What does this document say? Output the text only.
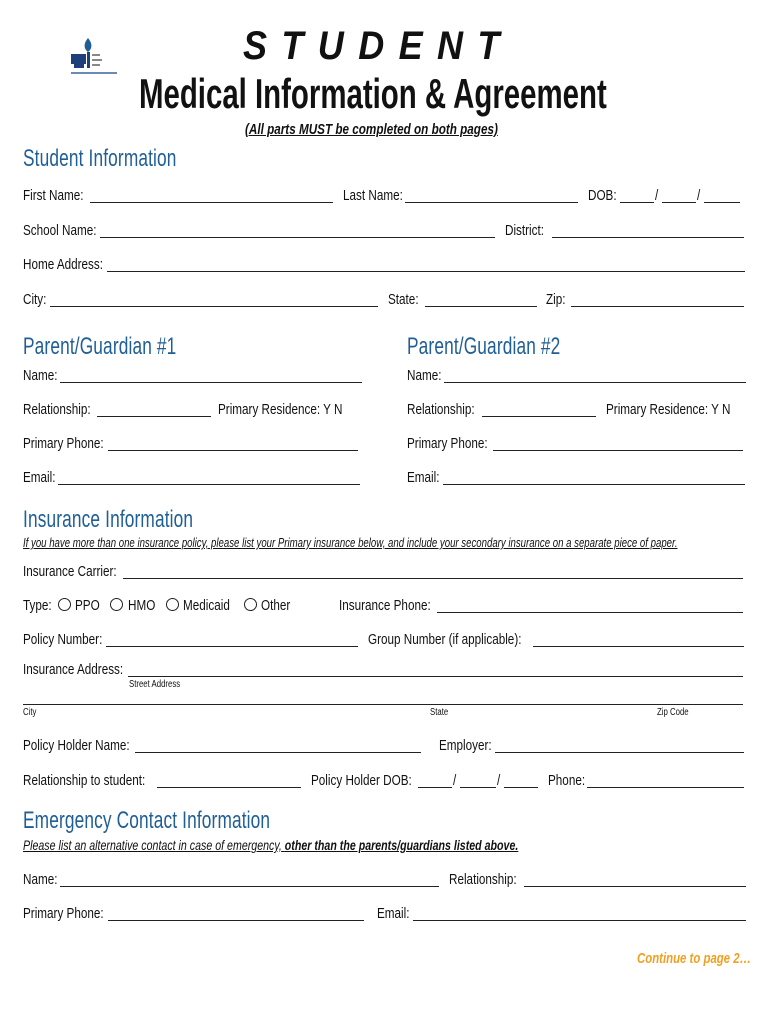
STUDENT
Medical Information & Agreement
(All parts MUST be completed on both pages)
Student Information
First Name:	Last Name:	DOB:	/	/
School Name:	District:
Home Address:
City:	State:	Zip:
Parent/Guardian #1
Name:
Relationship:	Primary Residence: Y N
Primary Phone:
Email:
Parent/Guardian #2
Name:
Relationship:	Primary Residence: Y N
Primary Phone:
Email:
Insurance Information
If you have more than one insurance policy, please list your Primary insurance below, and include your secondary insurance on a separate piece of paper.
Insurance Carrier:
Type: PPO HMO Medicaid Other	Insurance Phone:
Policy Number:	Group Number (if applicable):
Insurance Address:
Street Address
City	State	Zip Code
Policy Holder Name:	Employer:
Relationship to student:	Policy Holder DOB:	/	/	Phone:
Emergency Contact Information
Please list an alternative contact in case of emergency, other than the parents/guardians listed above.
Name:	Relationship:
Primary Phone:	Email:
Continue to page 2…
